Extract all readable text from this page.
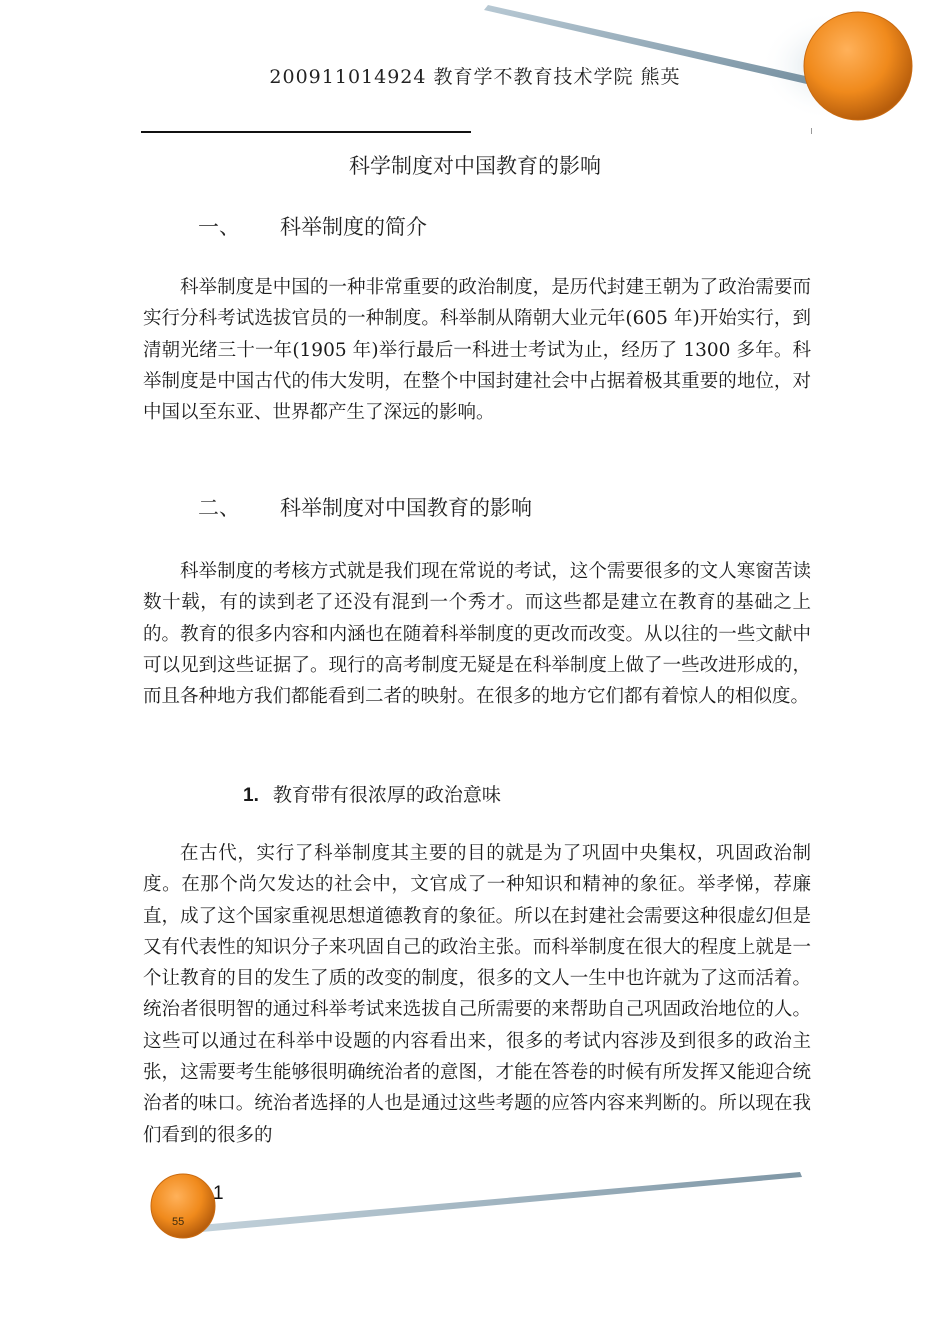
200911014924 教育学不教育技术学院 熊英
科学制度对中国教育的影响
一、 科举制度的简介

科举制度是中国的一种非常重要的政治制度，是历代封建王朝为了政治需要而实行分科考试选拔官员的一种制度。科举制从隋朝大业元年(605 年)开始实行，到清朝光绪三十一年(1905 年)举行最后一科进士考试为止，经历了 1300 多年。科举制度是中国古代的伟大发明，在整个中国封建社会中占据着极其重要的地位，对中国以至东亚、世界都产生了深远的影响。

二、 科举制度对中国教育的影响

科举制度的考核方式就是我们现在常说的考试，这个需要很多的文人寒窗苦读数十载，有的读到老了还没有混到一个秀才。而这些都是建立在教育的基础之上的。教育的很多内容和内涵也在随着科举制度的更改而改变。从以往的一些文献中可以见到这些证据了。现行的高考制度无疑是在科举制度上做了一些改进形成的，而且各种地方我们都能看到二者的映射。在很多的地方它们都有着惊人的相似度。

1. 教育带有很浓厚的政治意味

在古代，实行了科举制度其主要的目的就是为了巩固中央集权，巩固政治制度。在那个尚欠发达的社会中，文官成了一种知识和精神的象征。举孝悌，荐廉直，成了这个国家重视思想道德教育的象征。所以在封建社会需要这种很虚幻但是又有代表性的知识分子来巩固自己的政治主张。而科举制度在很大的程度上就是一个让教育的目的发生了质的改变的制度，很多的文人一生中也许就为了这而活着。统治者很明智的通过科举考试来选拔自己所需要的来帮助自己巩固政治地位的人。这些可以通过在科举中设题的内容看出来，很多的考试内容涉及到很多的政治主张，这需要考生能够很明确统治者的意图，才能在答卷的时候有所发挥又能迎合统治者的味口。统治者选择的人也是通过这些考题的应答内容来判断的。所以现在我们看到的很多的

1
55
